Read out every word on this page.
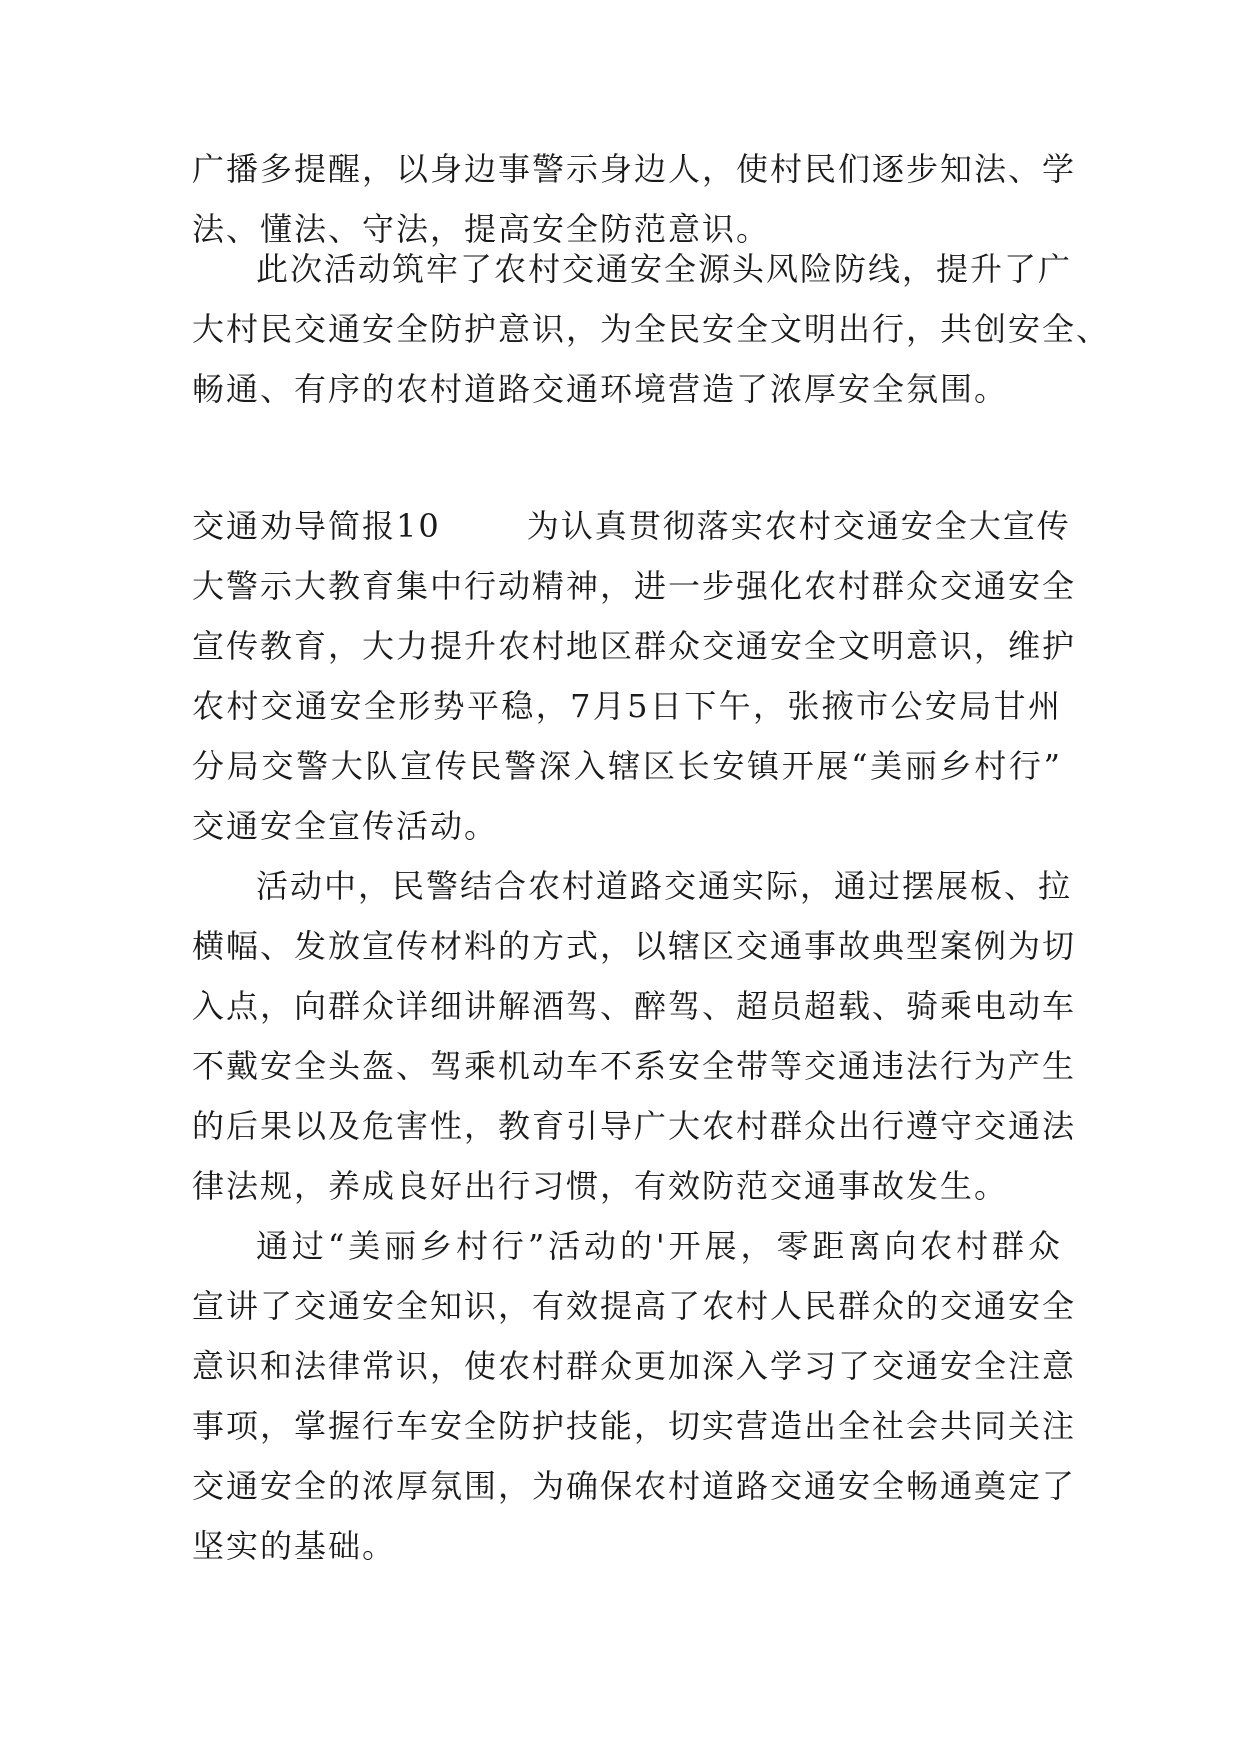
广播多提醒，以身边事警示身边人，使村民们逐步知法、学
法、懂法、守法，提高安全防范意识。
此次活动筑牢了农村交通安全源头风险防线，提升了广
大村民交通安全防护意识，为全民安全文明出行，共创安全、
畅通、有序的农村道路交通环境营造了浓厚安全氛围。
交通劝导简报10	为认真贯彻落实农村交通安全大宣传
大警示大教育集中行动精神，进一步强化农村群众交通安全
宣传教育，大力提升农村地区群众交通安全文明意识，维护
农村交通安全形势平稳，7月5日下午，张掖市公安局甘州
分局交警大队宣传民警深入辖区长安镇开展“美丽乡村行”
交通安全宣传活动。
活动中，民警结合农村道路交通实际，通过摆展板、拉
横幅、发放宣传材料的方式，以辖区交通事故典型案例为切
入点，向群众详细讲解酒驾、醉驾、超员超载、骑乘电动车
不戴安全头盔、驾乘机动车不系安全带等交通违法行为产生
的后果以及危害性，教育引导广大农村群众出行遵守交通法
律法规，养成良好出行习惯，有效防范交通事故发生。
通过“美丽乡村行”活动的'开展，零距离向农村群众
宣讲了交通安全知识，有效提高了农村人民群众的交通安全
意识和法律常识，使农村群众更加深入学习了交通安全注意
事项，掌握行车安全防护技能，切实营造出全社会共同关注
交通安全的浓厚氛围，为确保农村道路交通安全畅通奠定了
坚实的基础。
